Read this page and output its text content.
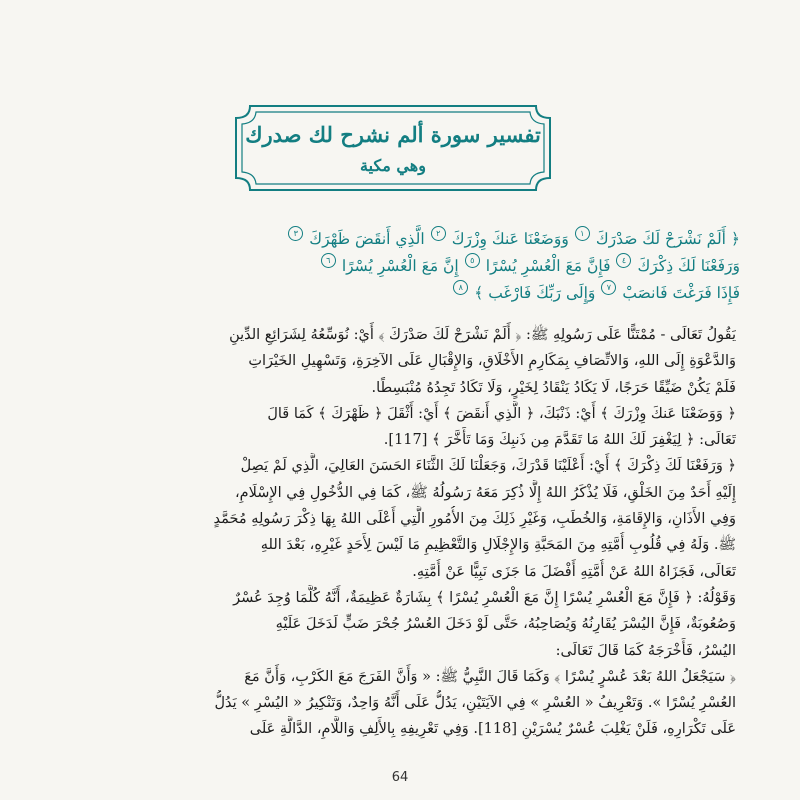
تفسير سورة ألم نشرح لك صدرك
وهي مكية
﴿ أَلَمْ نَشْرَحْ لَكَ صَدْرَكَ
١
وَوَضَعْنَا عَنكَ وِزْرَكَ
٢
الَّذِي أَنقَضَ ظَهْرَكَ
٣
وَرَفَعْنَا لَكَ ذِكْرَكَ
٤
فَإِنَّ مَعَ الْعُسْرِ يُسْرًا
٥
إِنَّ مَعَ الْعُسْرِ يُسْرًا
٦
فَإِذَا فَرَغْتَ فَانصَبْ
٧
وَإِلَى رَبِّكَ فَارْغَب ﴾
٨
يَقُولُ تَعَالَى - مُمْتَنًّا عَلَى رَسُولِهِ ﷺ: ﴿ أَلَمْ نَشْرَحْ لَكَ صَدْرَكَ ﴾ أَيْ: نُوَسِّعُهُ لِشَرَائِعِ الدِّينِ
وَالدَّعْوَةِ إِلَى اللهِ، وَالاتِّصَافِ بِمَكَارِمِ الأَخْلَاقِ، وَالإِقْبَالِ عَلَى الآخِرَةِ، وَتَسْهِيلِ الخَيْرَاتِ
فَلَمْ يَكُنْ ضَيِّقًا حَرَجًا، لَا يَكَادُ يَنْقَادُ لِخَيْرٍ، وَلَا تَكَادُ تَجِدُهُ مُنْبَسِطًا.
﴿ وَوَضَعْنَا عَنكَ وِزْرَكَ ﴾ أَيْ: ذَنْبَكَ، ﴿ الَّذِي أَنقَضَ ﴾ أَيْ: أَثْقَلَ ﴿ ظَهْرَكَ ﴾ كَمَا قَالَ
تَعَالَى: ﴿ لِيَغْفِرَ لَكَ اللهُ مَا تَقَدَّمَ مِن ذَنبِكَ وَمَا تَأَخَّرَ ﴾ [117].
﴿ وَرَفَعْنَا لَكَ ذِكْرَكَ ﴾ أَيْ: أَعْلَيْنَا قَدْرَكَ، وَجَعَلْنَا لَكَ الثَّنَاءَ الحَسَنَ العَالِيَ، الَّذِي لَمْ يَصِلْ
إِلَيْهِ أَحَدٌ مِنَ الخَلْقِ، فَلَا يُذْكَرُ اللهُ إِلَّا ذُكِرَ مَعَهُ رَسُولُهُ ﷺ، كَمَا فِي الدُّخُولِ فِي الإِسْلَامِ،
وَفِي الأَذَانِ، وَالإِقَامَةِ، وَالخُطَبِ، وَغَيْرِ ذَلِكَ مِنَ الأُمُورِ الَّتِي أَعْلَى اللهُ بِهَا ذِكْرَ رَسُولِهِ مُحَمَّدٍ
ﷺ. وَلَهُ فِي قُلُوبِ أُمَّتِهِ مِنَ المَحَبَّةِ وَالإِجْلَالِ وَالتَّعْظِيمِ مَا لَيْسَ لِأَحَدٍ غَيْرِهِ، بَعْدَ اللهِ
تَعَالَى، فَجَزَاهُ اللهُ عَنْ أُمَّتِهِ أَفْضَلَ مَا جَزَى نَبِيًّا عَنْ أُمَّتِهِ.
وَقَوْلُهُ: ﴿ فَإِنَّ مَعَ الْعُسْرِ يُسْرًا إِنَّ مَعَ الْعُسْرِ يُسْرًا ﴾ بِشَارَةٌ عَظِيمَةٌ، أَنَّهُ كُلَّمَا وُجِدَ عُسْرٌ
وَصُعُوبَةٌ، فَإِنَّ اليُسْرَ يُقَارِنُهُ وَيُصَاحِبُهُ، حَتَّى لَوْ دَخَلَ العُسْرُ جُحْرَ ضَبٍّ لَدَخَلَ عَلَيْهِ
اليُسْرُ، فَأَخْرَجَهُ كَمَا قَالَ تَعَالَى:
﴿ سَيَجْعَلُ اللهُ بَعْدَ عُسْرٍ يُسْرًا ﴾ وَكَمَا قَالَ النَّبِيُّ ﷺ: « وَأَنَّ الفَرَجَ مَعَ الكَرْبِ، وَأَنَّ مَعَ
العُسْرِ يُسْرًا ». وَتَعْرِيفُ « العُسْرِ » فِي الآيَتَيْنِ، يَدُلُّ عَلَى أَنَّهُ وَاحِدٌ، وَتَنْكِيرُ « اليُسْرِ » يَدُلُّ
عَلَى تَكْرَارِهِ، فَلَنْ يَغْلِبَ عُسْرٌ يُسْرَيْنِ [118]. وَفِي تَعْرِيفِهِ بِالأَلِفِ وَاللَّامِ، الدَّالَّةِ عَلَى
64
